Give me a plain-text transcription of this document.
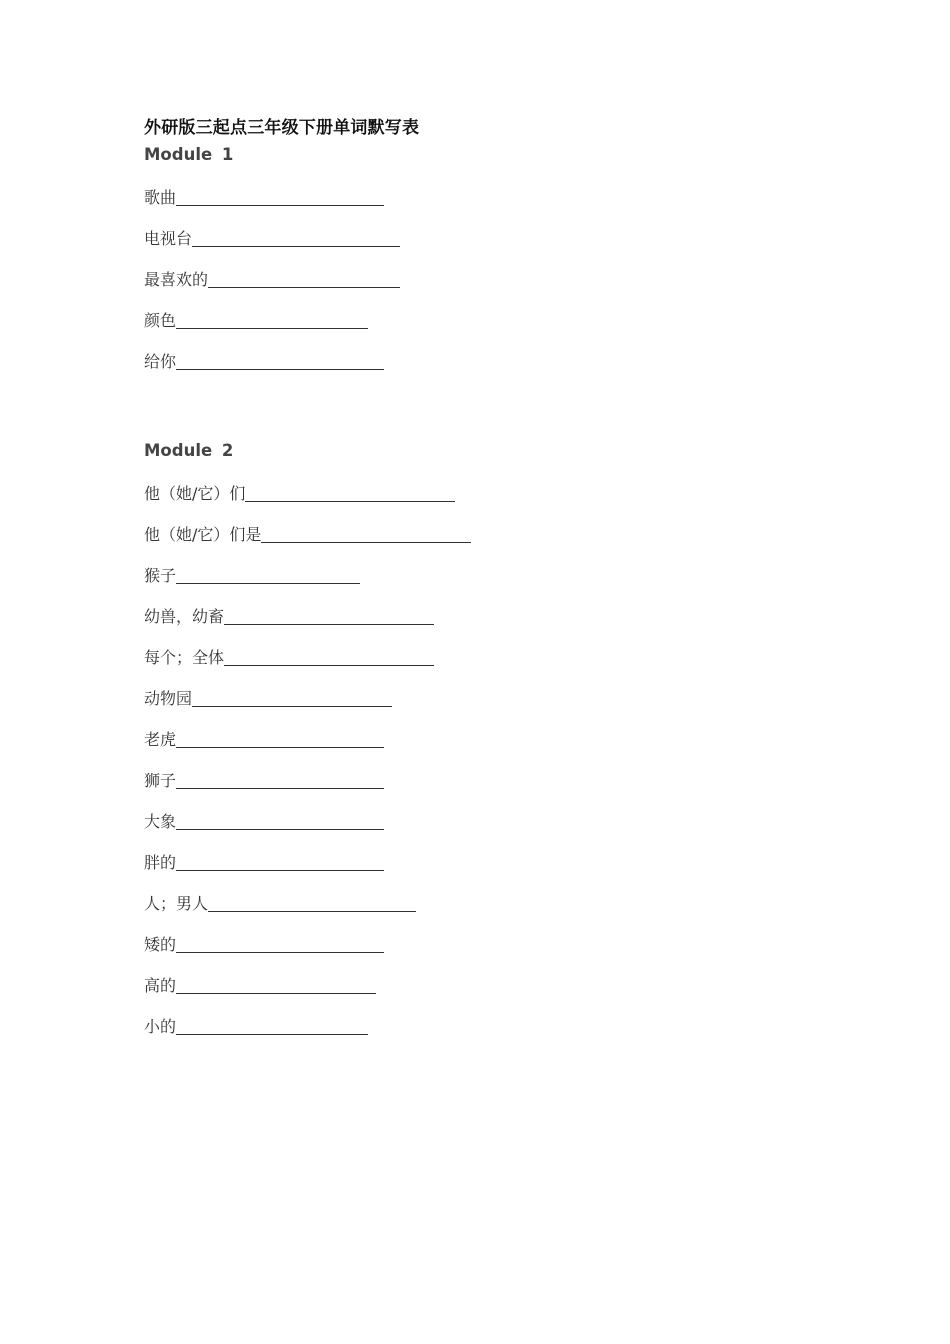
外研版三起点三年级下册单词默写表
Module 1
歌曲
电视台
最喜欢的
颜色
给你
Module 2
他（她/它）们
他（她/它）们是
猴子
幼兽，幼畜
每个；全体
动物园
老虎
狮子
大象
胖的
人；男人
矮的
高的
小的
